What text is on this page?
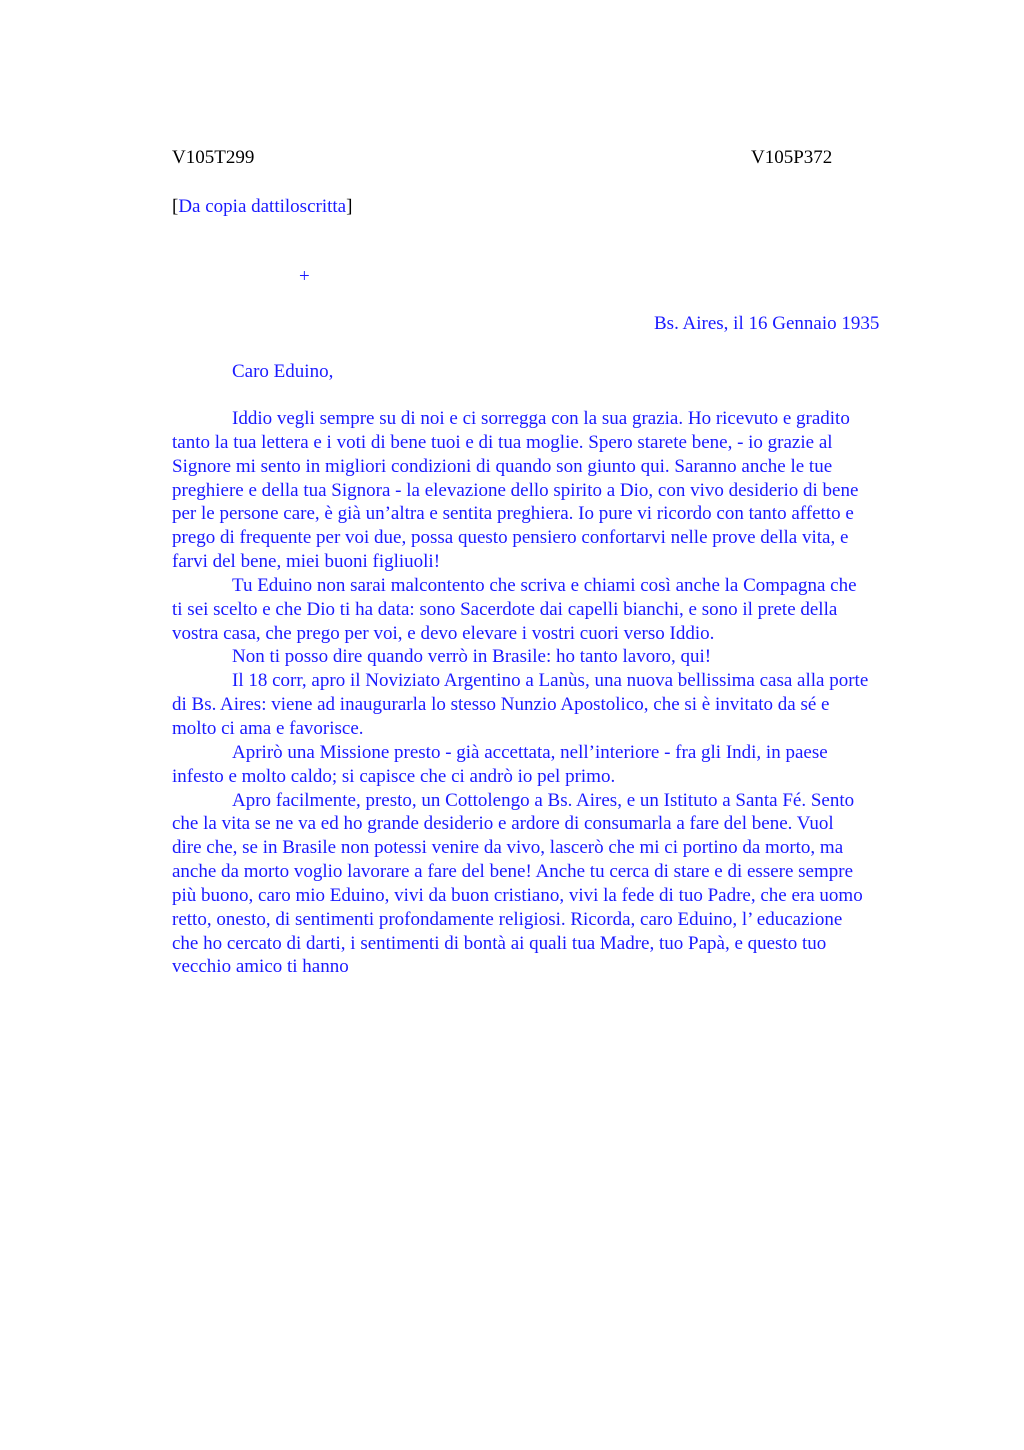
V105T299	V105P372
[Da copia dattiloscritta]
+
Bs. Aires, il 16 Gennaio 1935
Caro Eduino,

Iddio vegli sempre su di noi e ci sorregga con la sua grazia. Ho ricevuto e gradito
tanto la tua lettera e i voti di bene tuoi e di tua moglie. Spero starete bene, - io grazie al
Signore mi sento in migliori condizioni di quando son giunto qui. Saranno anche le tue
preghiere e della tua Signora - la elevazione dello spirito a Dio, con vivo desiderio di bene
per le persone care, è già un’altra e sentita preghiera. Io pure vi ricordo con tanto affetto e
prego di frequente per voi due, possa questo pensiero confortarvi nelle prove della vita, e
farvi del bene, miei buoni figliuoli!

Tu Eduino non sarai malcontento che scriva e chiami così anche la Compagna che
ti sei scelto e che Dio ti ha data: sono Sacerdote dai capelli bianchi, e sono il prete della
vostra casa, che prego per voi, e devo elevare i vostri cuori verso Iddio.

Non ti posso dire quando verrò in Brasile: ho tanto lavoro, qui!

Il 18 corr, apro il Noviziato Argentino a Lanùs, una nuova bellissima casa alla porte
di Bs. Aires: viene ad inaugurarla lo stesso Nunzio Apostolico, che si è invitato da sé e
molto ci ama e favorisce.

Aprirò una Missione presto - già accettata, nell’interiore - fra gli Indi, in paese
infesto e molto caldo; si capisce che ci andrò io pel primo.

Apro facilmente, presto, un Cottolengo a Bs. Aires, e un Istituto a Santa Fé. Sento
che la vita se ne va ed ho grande desiderio e ardore di consumarla a fare del bene. Vuol
dire che, se in Brasile non potessi venire da vivo, lascerò che mi ci portino da morto, ma
anche da morto voglio lavorare a fare del bene! Anche tu cerca di stare e di essere sempre
più buono, caro mio Eduino, vivi da buon cristiano, vivi la fede di tuo Padre, che era uomo
retto, onesto, di sentimenti profondamente religiosi. Ricorda, caro Eduino, l’ educazione
che ho cercato di darti, i sentimenti di bontà ai quali tua Madre, tuo Papà, e questo tuo
vecchio amico ti hanno
